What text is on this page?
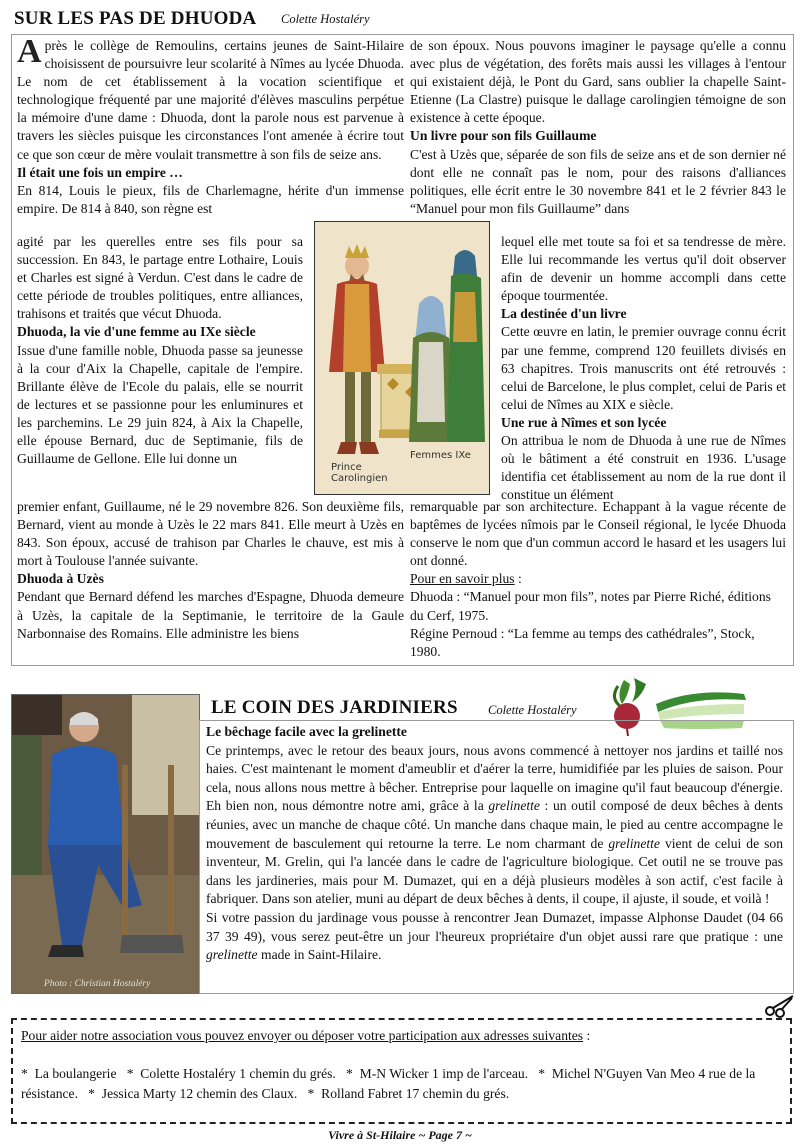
SUR LES PAS DE DHUODA Colette Hostaléry

Après le collège de Remoulins, certains jeunes de Saint-Hilaire choisissent de poursuivre leur scolarité à Nîmes au lycée Dhuoda. Le nom de cet établissement à la vocation scientifique et technologique fréquenté par une majorité d'élèves masculins perpétue la mémoire d'une dame : Dhuoda, dont la parole nous est parvenue à travers les siècles puisque les circonstances l'ont amenée à écrire tout ce que son cœur de mère voulait transmettre à son fils de seize ans.

Il était une fois un empire …

En 814, Louis le pieux, fils de Charlemagne, hérite d'un immense empire. De 814 à 840, son règne est

agité par les querelles entre ses fils pour sa succession. En 843, le partage entre Lothaire, Louis et Charles est signé à Verdun. C'est dans le cadre de cette période de troubles politiques, entre alliances, trahisons et traités que vécut Dhuoda.

Dhuoda, la vie d'une femme au IXe siècle

Issue d'une famille noble, Dhuoda passe sa jeunesse à la cour d'Aix la Chapelle, capitale de l'empire. Brillante élève de l'Ecole du palais, elle se nourrit de lectures et se passionne pour les enluminures et les parchemins. Le 29 juin 824, à Aix la Chapelle, elle épouse Bernard, duc de Septimanie, fils de Guillaume de Gellone. Elle lui donne un

premier enfant, Guillaume, né le 29 novembre 826. Son deuxième fils, Bernard, vient au monde à Uzès le 22 mars 841. Elle meurt à Uzès en 843. Son époux, accusé de trahison par Charles le chauve, est mis à mort à Toulouse l'année suivante.

Dhuoda à Uzès

Pendant que Bernard défend les marches d'Espagne, Dhuoda demeure à Uzès, la capitale de la Septimanie, le territoire de la Gaule Narbonnaise des Romains. Elle administre les biens

de son époux. Nous pouvons imaginer le paysage qu'elle a connu avec plus de végétation, des forêts mais aussi les villages à l'entour qui existaient déjà, le Pont du Gard, sans oublier la chapelle Saint-Etienne (La Clastre) puisque le dallage carolingien témoigne de son existence à cette époque.

Un livre pour son fils Guillaume

C'est à Uzès que, séparée de son fils de seize ans et de son dernier né dont elle ne connaît pas le nom, pour des raisons d'alliances politiques, elle écrit entre le 30 novembre 841 et le 2 février 843 le “Manuel pour mon fils Guillaume” dans

lequel elle met toute sa foi et sa tendresse de mère. Elle lui recommande les vertus qu'il doit observer afin de devenir un homme accompli dans cette époque tourmentée.

La destinée d'un livre

Cette œuvre en latin, le premier ouvrage connu écrit par une femme, comprend 120 feuillets divisés en 63 chapitres. Trois manuscrits ont été retrouvés : celui de Barcelone, le plus complet, celui de Paris et celui de Nîmes au XIX e siècle.

Une rue à Nîmes et son lycée

On attribua le nom de Dhuoda à une rue de Nîmes où le bâtiment a été construit en 1936. L'usage identifia cet établissement au nom de la rue dont il constitue un élément

remarquable par son architecture. Echappant à la vague récente de baptêmes de lycées nîmois par le Conseil régional, le lycée Dhuoda conserve le nom que d'un commun accord le hasard et les usagers lui ont donné.

Pour en savoir plus :

Dhuoda : “Manuel pour mon fils”, notes par Pierre Riché, éditions du Cerf, 1975.

Régine Pernoud : “La femme au temps des cathédrales”, Stock, 1980.

Prince Carolingien
Femmes IXe
Photo : Christian Hostaléry
LE COIN DES JARDINIERS Colette Hostaléry

Le bêchage facile avec la grelinette

Ce printemps, avec le retour des beaux jours, nous avons commencé à nettoyer nos jardins et taillé nos haies. C'est maintenant le moment d'ameublir et d'aérer la terre, humidifiée par les pluies de saison. Pour cela, nous allons nous mettre à bêcher. Entreprise pour laquelle on imagine qu'il faut beaucoup d'énergie. Eh bien non, nous démontre notre ami, grâce à la grelinette : un outil composé de deux bêches à dents réunies, avec un manche de chaque côté. Un manche dans chaque main, le pied au centre accompagne le mouvement de basculement qui retourne la terre. Le nom charmant de grelinette vient de celui de son inventeur, M. Grelin, qui l'a lancée dans le cadre de l'agriculture biologique. Cet outil ne se trouve pas dans les jardineries, mais pour M. Dumazet, qui en a déjà plusieurs modèles à son actif, c'est facile à fabriquer. Dans son atelier, muni au départ de deux bêches à dents, il coupe, il ajuste, il soude, et voilà !

Si votre passion du jardinage vous pousse à rencontrer Jean Dumazet, impasse Alphonse Daudet (04 66 37 39 49), vous serez peut-être un jour l'heureux propriétaire d'un objet aussi rare que pratique : une grelinette made in Saint-Hilaire.

Pour aider notre association vous pouvez envoyer ou déposer votre participation aux adresses suivantes :
*  La boulangerie   *  Colette Hostaléry 1 chemin du grés.   *  M-N Wicker 1 imp de l'arceau.   *  Michel N'Guyen Van Meo 4 rue de la résistance.   *  Jessica Marty 12 chemin des Claux.   *  Rolland Fabret 17 chemin du grés.
Vivre à St-Hilaire ~ Page 7 ~
